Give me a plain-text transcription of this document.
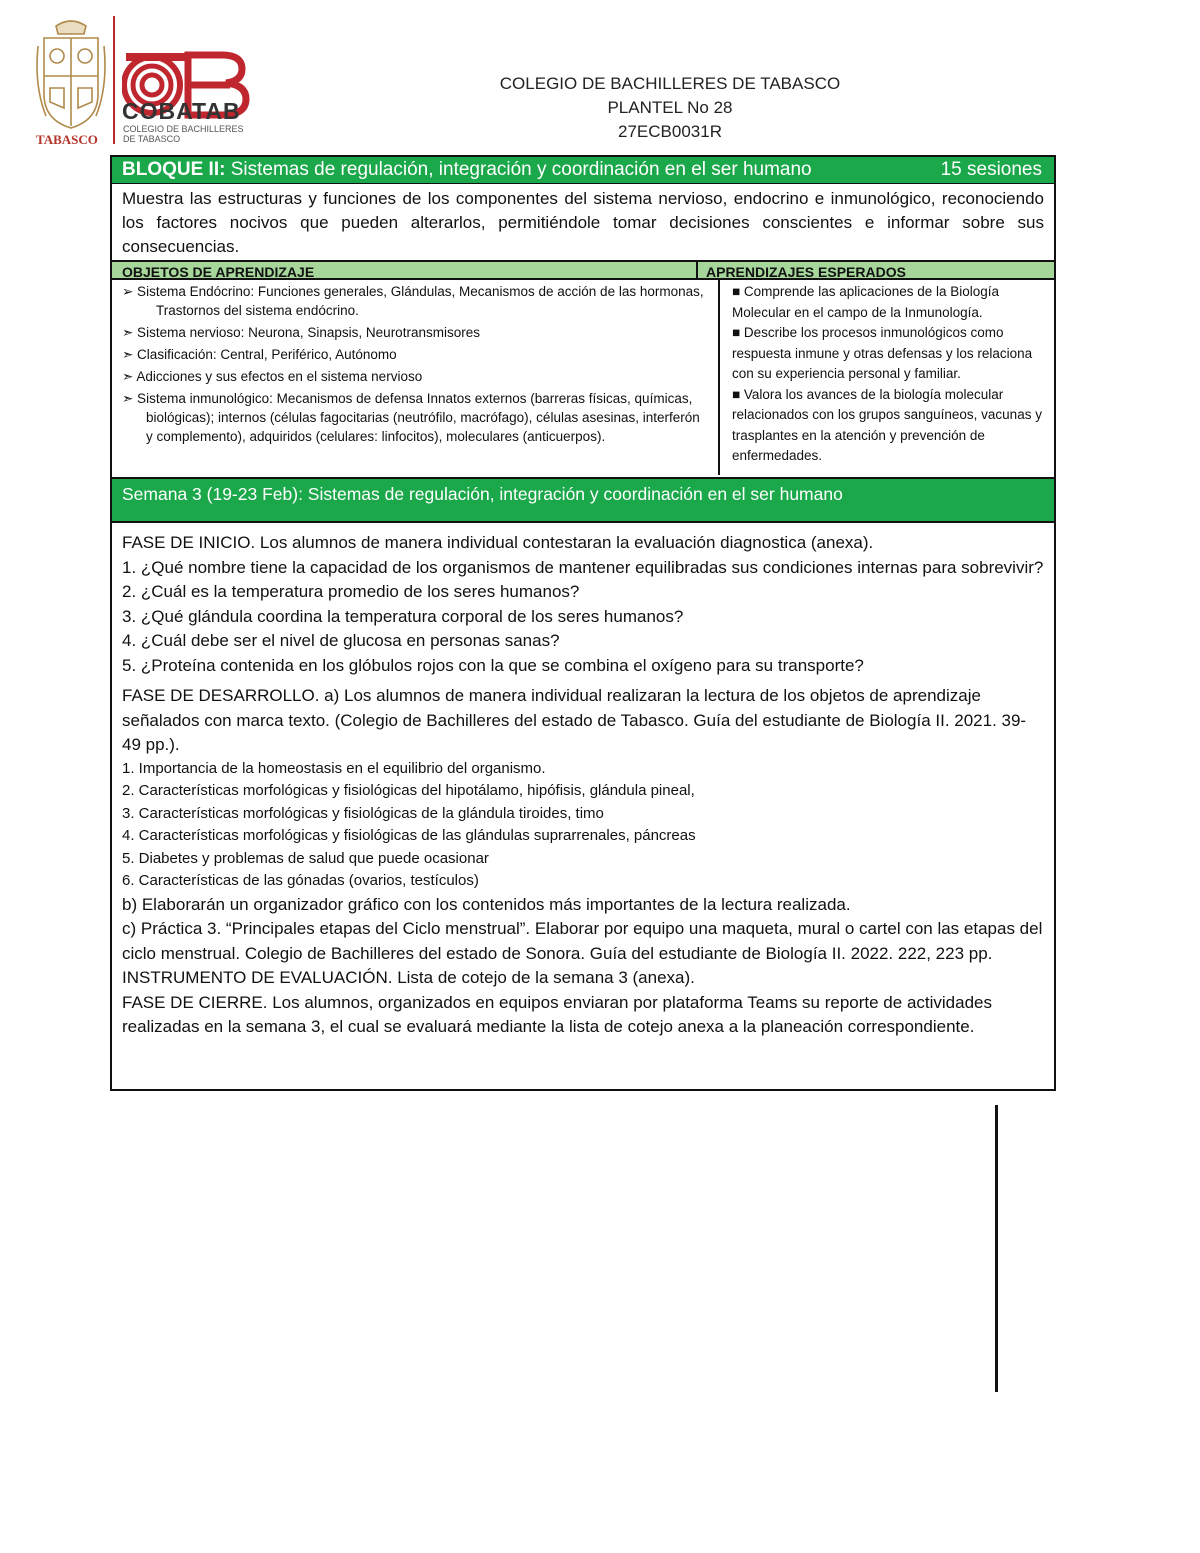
TABASCO
COBATAB
COLEGIO DE BACHILLERES DE TABASCO
COLEGIO DE BACHILLERES DE TABASCO
PLANTEL No 28
27ECB0031R
BLOQUE II: Sistemas de regulación, integración y coordinación en el ser humano	15 sesiones
Muestra las estructuras y funciones de los componentes del sistema nervioso, endocrino e inmunológico, reconociendo los factores nocivos que pueden alterarlos, permitiéndole tomar decisiones conscientes e informar sobre sus consecuencias.
OBJETOS DE APRENDIZAJE	APRENDIZAJES ESPERADOS

➢ Sistema Endócrino: Funciones generales, Glándulas, Mecanismos de acción de las hormonas, Trastornos del sistema endócrino.

➣ Sistema nervioso: Neurona, Sinapsis, Neurotransmisores

➣ Clasificación: Central, Periférico, Autónomo

➣ Adicciones y sus efectos en el sistema nervioso

➣ Sistema inmunológico: Mecanismos de defensa Innatos externos (barreras físicas, químicas, biológicas); internos (células fagocitarias (neutrófilo, macrófago), células asesinas, interferón y complemento), adquiridos (celulares: linfocitos), moleculares (anticuerpos).

■ Comprende las aplicaciones de la Biología Molecular en el campo de la Inmunología.

■ Describe los procesos inmunológicos como respuesta inmune y otras defensas y los relaciona con su experiencia personal y familiar.

■ Valora los avances de la biología molecular relacionados con los grupos sanguíneos, vacunas y trasplantes en la atención y prevención de enfermedades.

Semana 3 (19-23 Feb): Sistemas de regulación, integración y coordinación en el ser humano

FASE DE INICIO. Los alumnos de manera individual contestaran la evaluación diagnostica (anexa).

1. ¿Qué nombre tiene la capacidad de los organismos de mantener equilibradas sus condiciones internas para sobrevivir?

2. ¿Cuál es la temperatura promedio de los seres humanos?

3. ¿Qué glándula coordina la temperatura corporal de los seres humanos?

4. ¿Cuál debe ser el nivel de glucosa en personas sanas?

5. ¿Proteína contenida en los glóbulos rojos con la que se combina el oxígeno para su transporte?

FASE DE DESARROLLO. a) Los alumnos de manera individual realizaran la lectura de los objetos de aprendizaje señalados con marca texto. (Colegio de Bachilleres del estado de Tabasco. Guía del estudiante de Biología II. 2021. 39-49 pp.).

1. Importancia de la homeostasis en el equilibrio del organismo.

2. Características morfológicas y fisiológicas del hipotálamo, hipófisis, glándula pineal,

3. Características morfológicas y fisiológicas de la glándula tiroides, timo

4. Características morfológicas y fisiológicas de las glándulas suprarrenales, páncreas

5. Diabetes y problemas de salud que puede ocasionar

6. Características de las gónadas (ovarios, testículos)

b) Elaborarán un organizador gráfico con los contenidos más importantes de la lectura realizada.

c) Práctica 3. “Principales etapas del Ciclo menstrual”. Elaborar por equipo una maqueta, mural o cartel con las etapas del ciclo menstrual. Colegio de Bachilleres del estado de Sonora. Guía del estudiante de Biología II. 2022. 222, 223 pp.

INSTRUMENTO DE EVALUACIÓN. Lista de cotejo de la semana 3 (anexa).

FASE DE CIERRE. Los alumnos, organizados en equipos enviaran por plataforma Teams su reporte de actividades realizadas en la semana 3, el cual se evaluará mediante la lista de cotejo anexa a la planeación correspondiente.
